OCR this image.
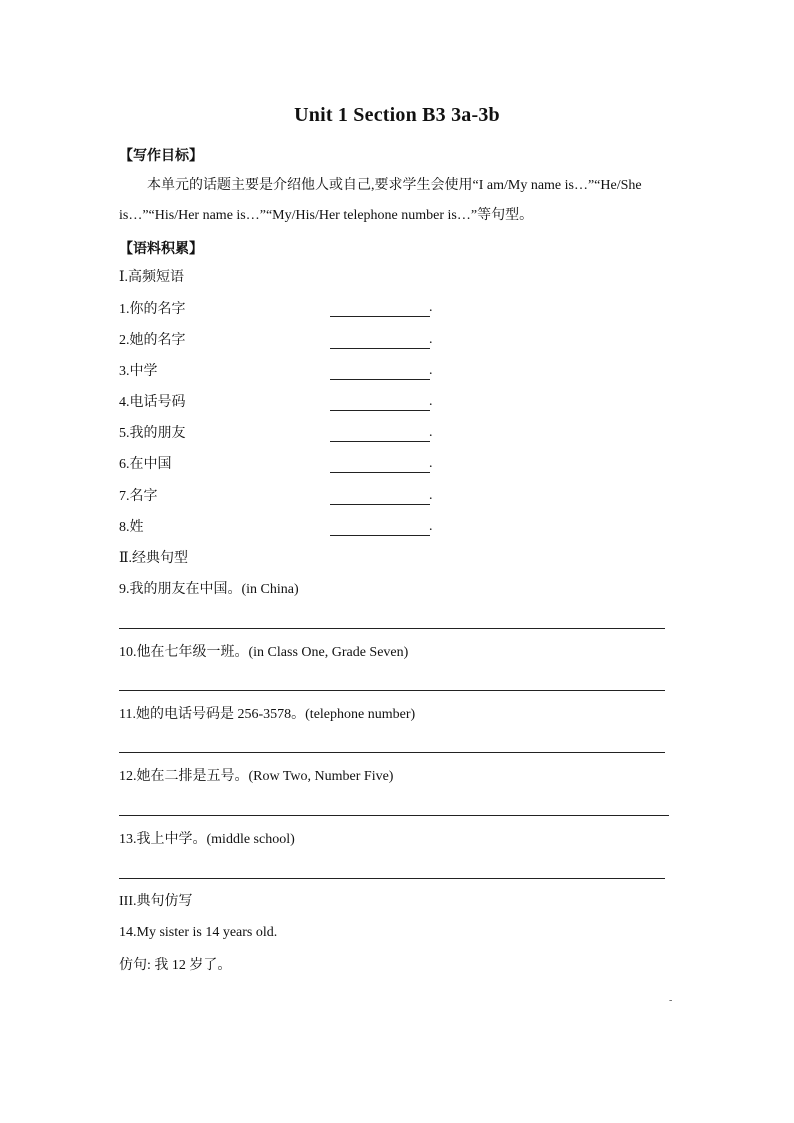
Unit 1 Section B3 3a-3b
【写作目标】
本单元的话题主要是介绍他人或自己,要求学生会使用“I am/My name is…”“He/She
is…”“His/Her name is…”“My/His/Her telephone number is…”等句型。
【语料积累】
Ⅰ.高频短语
1.你的名字	.
2.她的名字	.
3.中学	.
4.电话号码	.
5.我的朋友	.
6.在中国	.
7.名字	.
8.姓	.
Ⅱ.经典句型
9.我的朋友在中国。(in China)
10.他在七年级一班。(in Class One, Grade Seven)
11.她的电话号码是 256-3578。(telephone number)
12.她在二排是五号。(Row Two, Number Five)
13.我上中学。(middle school)
III.典句仿写
14.My sister is 14 years old.
仿句: 我 12 岁了。
-
